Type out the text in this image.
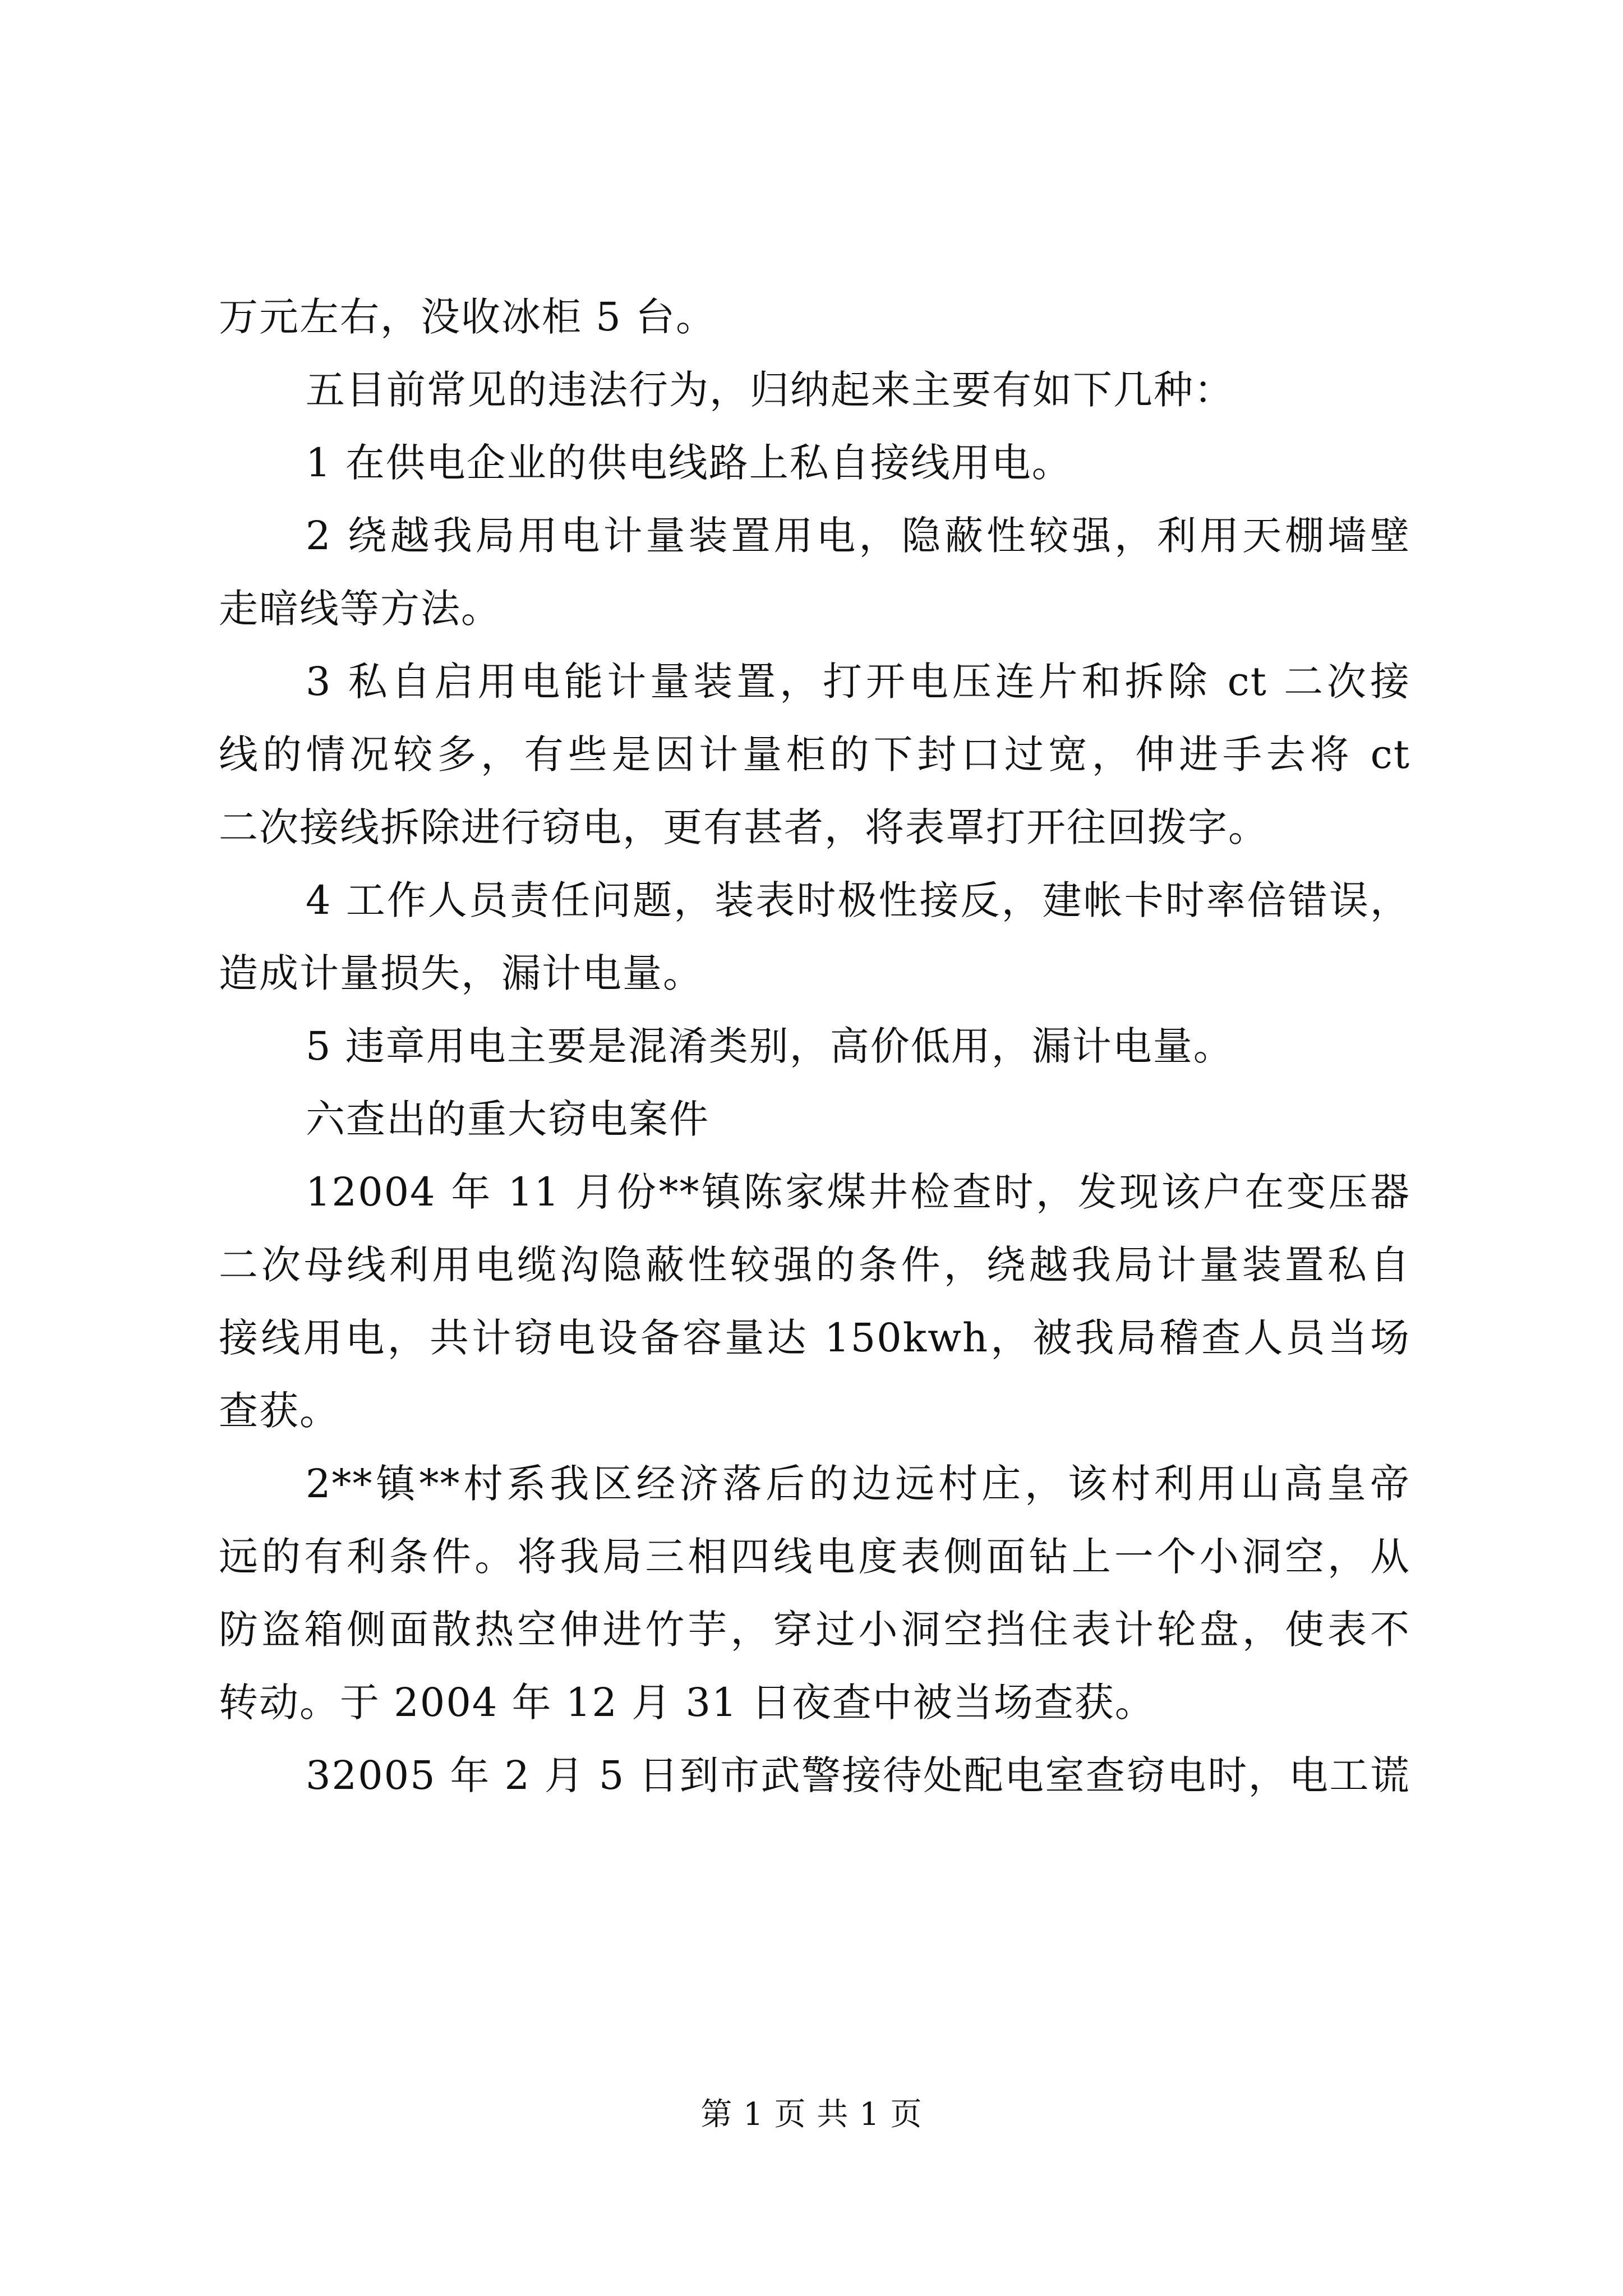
万元左右，没收冰柜 5 台。
五目前常见的违法行为，归纳起来主要有如下几种：
1 在供电企业的供电线路上私自接线用电。
2 绕越我局用电计量装置用电，隐蔽性较强，利用天棚墙壁
走暗线等方法。
3 私自启用电能计量装置，打开电压连片和拆除 ct 二次接
线的情况较多，有些是因计量柜的下封口过宽，伸进手去将 ct
二次接线拆除进行窃电，更有甚者，将表罩打开往回拨字。
4 工作人员责任问题，装表时极性接反，建帐卡时率倍错误，
造成计量损失，漏计电量。
5 违章用电主要是混淆类别，高价低用，漏计电量。
六查出的重大窃电案件
12004 年 11 月份**镇陈家煤井检查时，发现该户在变压器
二次母线利用电缆沟隐蔽性较强的条件，绕越我局计量装置私自
接线用电，共计窃电设备容量达 150kwh，被我局稽查人员当场
查获。
2**镇**村系我区经济落后的边远村庄，该村利用山高皇帝
远的有利条件。将我局三相四线电度表侧面钻上一个小洞空，从
防盗箱侧面散热空伸进竹芋，穿过小洞空挡住表计轮盘，使表不
转动。于 2004 年 12 月 31 日夜查中被当场查获。
32005 年 2 月 5 日到市武警接待处配电室查窃电时，电工谎
第 1 页 共 1 页
